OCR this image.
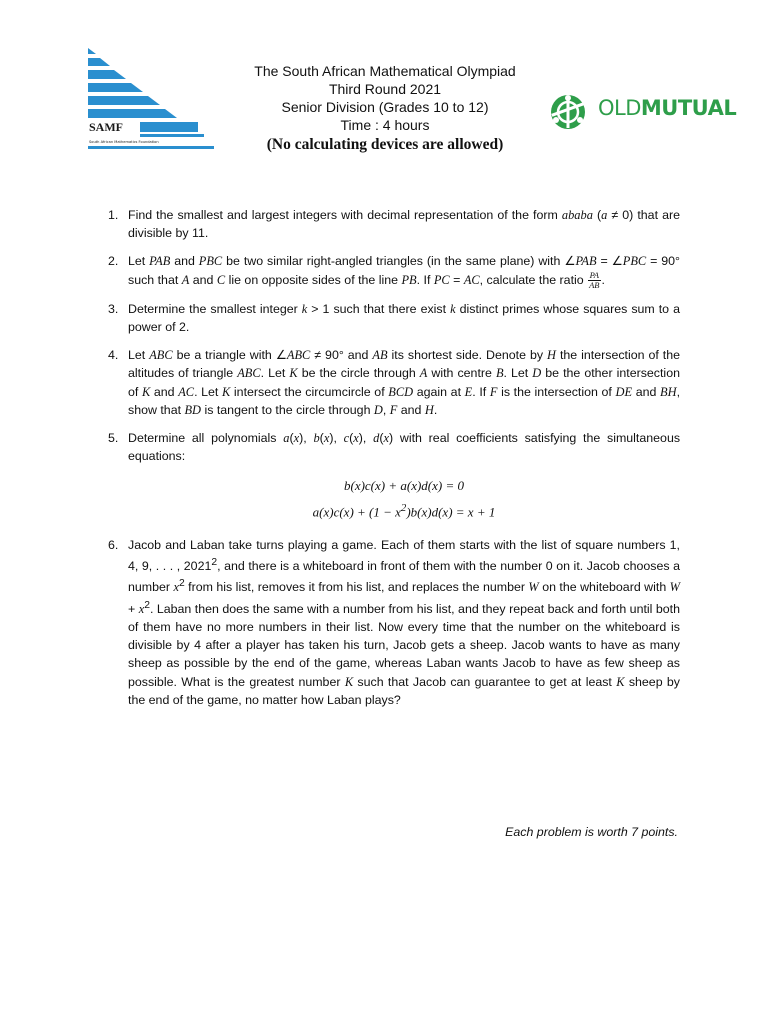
SAMF
South African Mathematics Foundation
The South African Mathematical Olympiad
Third Round 2021
Senior Division (Grades 10 to 12)
Time : 4 hours
(No calculating devices are allowed)
OLDMUTUAL
1. Find the smallest and largest integers with decimal representation of the form ababa (a ≠ 0) that are divisible by 11.
2. Let PAB and PBC be two similar right-angled triangles (in the same plane) with ∠PAB = ∠PBC = 90° such that A and C lie on opposite sides of the line PB. If PC = AC, calculate the ratio $\frac{PA}{AB}$ .
3. Determine the smallest integer k > 1 such that there exist k distinct primes whose squares sum to a power of 2.
4. Let ABC be a triangle with ∠ABC ≠ 90° and AB its shortest side. Denote by H the intersection of the altitudes of triangle ABC. Let K be the circle through A with centre B. Let D be the other intersection of K and AC. Let K intersect the circumcircle of BCD again at E. If F is the intersection of DE and BH, show that BD is tangent to the circle through D, F and H.
5. Determine all polynomials a(x), b(x), c(x), d(x) with real coefficients satisfying the simultaneous equations:
b(x)c(x) + a(x)d(x) = 0
$a(x)c(x) + (1 - x^2)b(x)d(x) = x + 1$
6. Jacob and Laban take turns playing a game. Each of them starts with the list of square numbers 1, 4, 9, . . . , 2021$^2$, and there is a whiteboard in front of them with the number 0 on it. Jacob chooses a number $x^2$ from his list, removes it from his list, and replaces the number W on the whiteboard with $W + x^2$. Laban then does the same with a number from his list, and they repeat back and forth until both of them have no more numbers in their list. Now every time that the number on the whiteboard is divisible by 4 after a player has taken his turn, Jacob gets a sheep. Jacob wants to have as many sheep as possible by the end of the game, whereas Laban wants Jacob to have as few sheep as possible. What is the greatest number K such that Jacob can guarantee to get at least K sheep by the end of the game, no matter how Laban plays?
Each problem is worth 7 points.
